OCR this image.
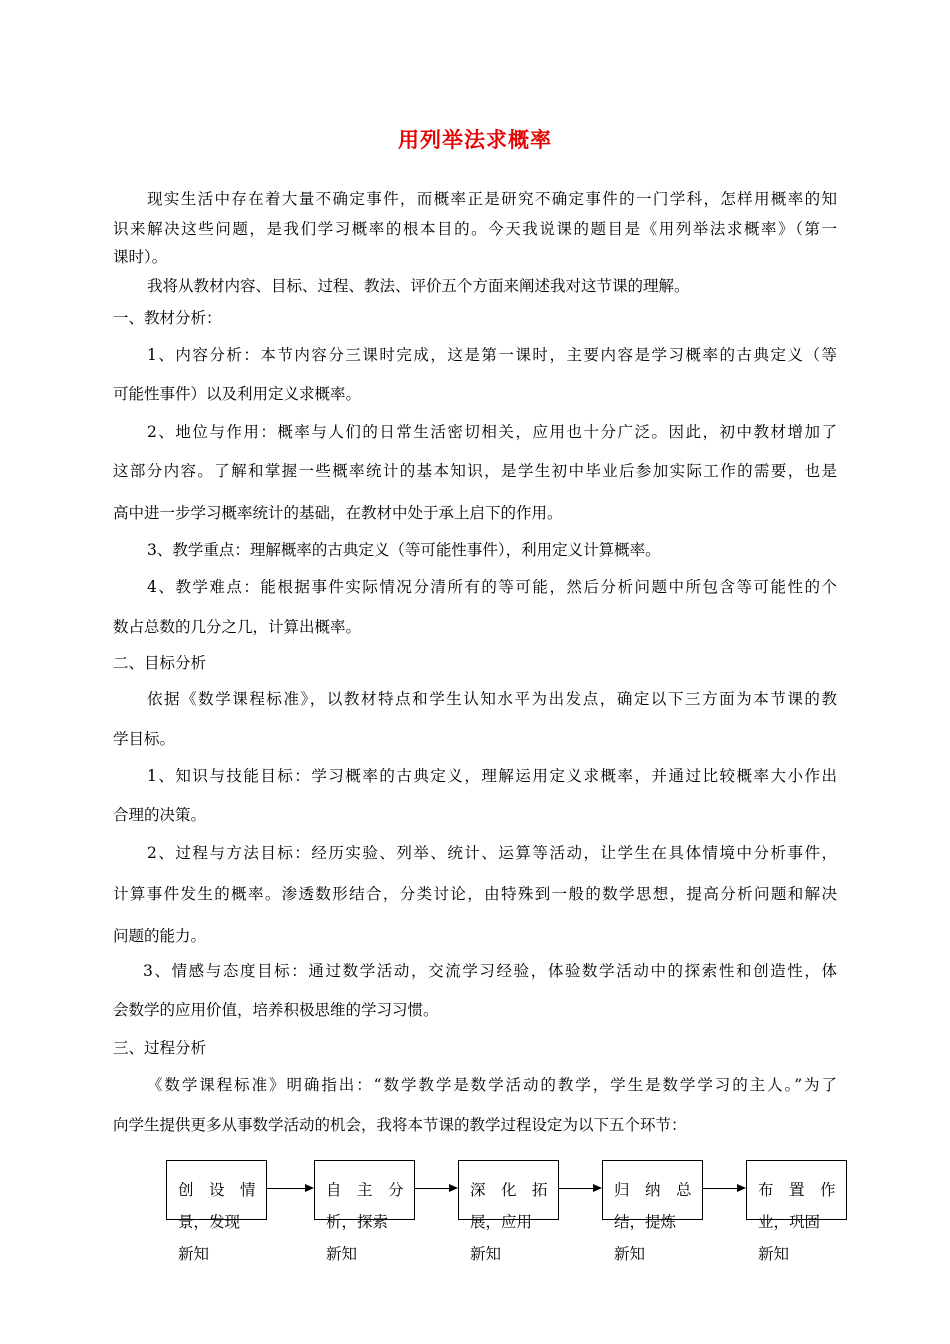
用列举法求概率
现实生活中存在着大量不确定事件，而概率正是研究不确定事件的一门学科，怎样用概率的知
识来解决这些问题，是我们学习概率的根本目的。今天我说课的题目是《用列举法求概率》（第一
课时）。
我将从教材内容、目标、过程、教法、评价五个方面来阐述我对这节课的理解。
一、教材分析：
1、内容分析：本节内容分三课时完成，这是第一课时，主要内容是学习概率的古典定义（等
可能性事件）以及利用定义求概率。
2、地位与作用：概率与人们的日常生活密切相关，应用也十分广泛。因此，初中教材增加了
这部分内容。了解和掌握一些概率统计的基本知识，是学生初中毕业后参加实际工作的需要，也是
高中进一步学习概率统计的基础，在教材中处于承上启下的作用。
3、教学重点：理解概率的古典定义（等可能性事件），利用定义计算概率。
4、教学难点：能根据事件实际情况分清所有的等可能，然后分析问题中所包含等可能性的个
数占总数的几分之几，计算出概率。
二、目标分析
依据《数学课程标准》，以教材特点和学生认知水平为出发点，确定以下三方面为本节课的教
学目标。
1、知识与技能目标：学习概率的古典定义，理解运用定义求概率，并通过比较概率大小作出
合理的决策。
2、过程与方法目标：经历实验、列举、统计、运算等活动，让学生在具体情境中分析事件，
计算事件发生的概率。渗透数形结合，分类讨论，由特殊到一般的数学思想，提高分析问题和解决
问题的能力。
3、情感与态度目标：通过数学活动，交流学习经验，体验数学活动中的探索性和创造性，体
会数学的应用价值，培养积极思维的学习习惯。
三、过程分析
《数学课程标准》明确指出：“数学教学是数学活动的教学，学生是数学学习的主人。”为了
向学生提供更多从事数学活动的机会，我将本节课的教学过程设定为以下五个环节：
创　设　情
景，发现
新知
自　主　分
析，探索
新知
深　化　拓
展，应用
新知
归　纳　总
结，提炼
新知
布　置　作
业，巩固
新知
